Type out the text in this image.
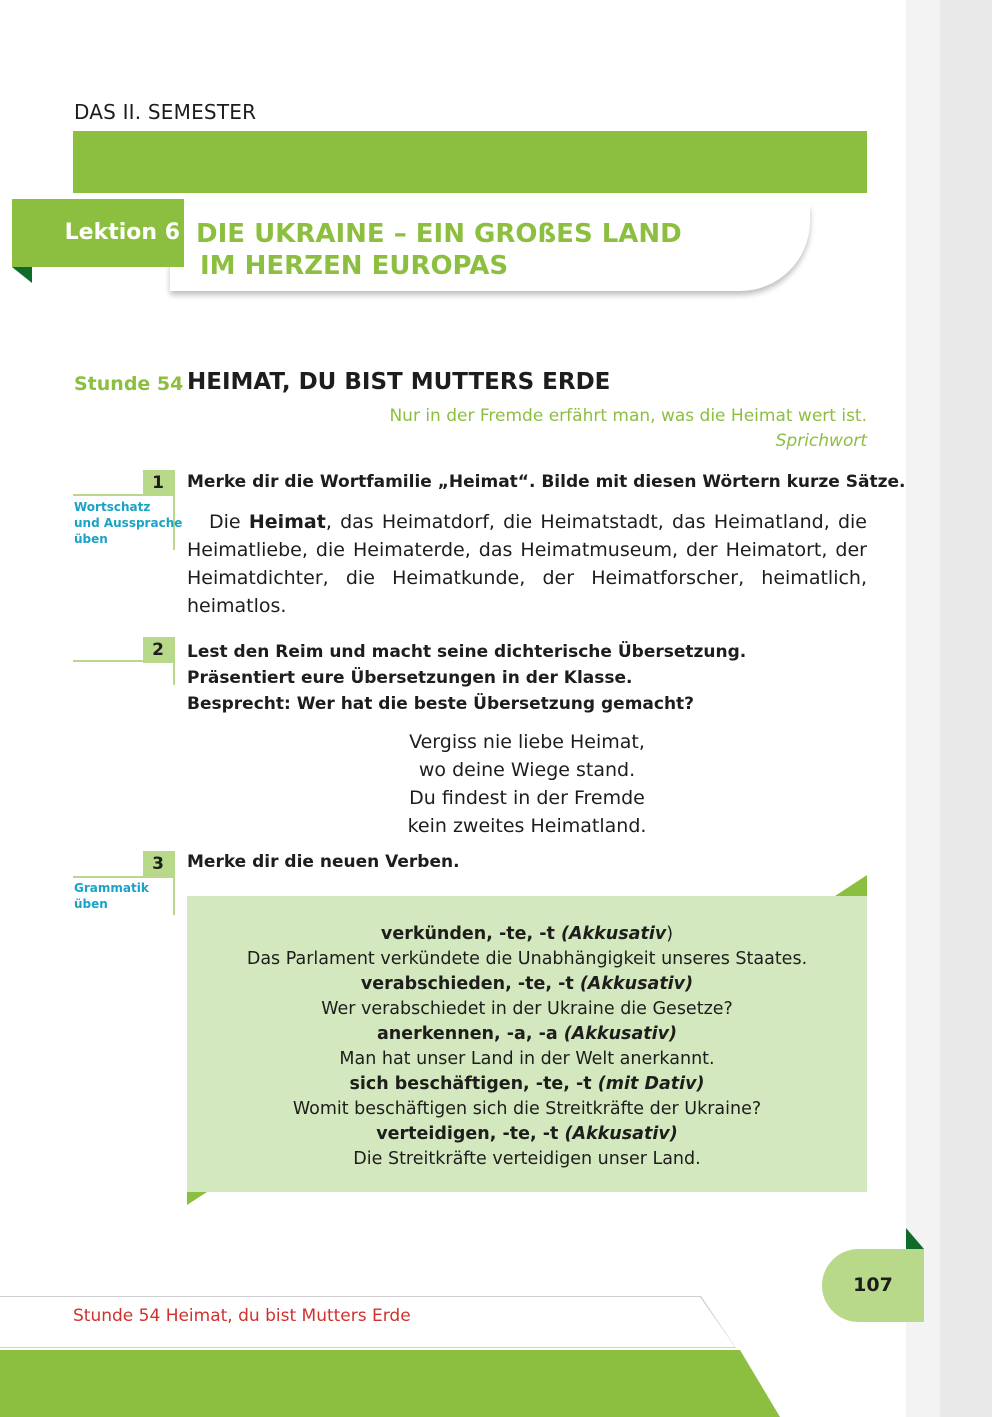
DAS II. SEMESTER
Lektion 6 DIE UKRAINE – EIN GROßES LAND
IM HERZEN EUROPAS
Stunde 54 HEIMAT, DU BIST MUTTERS ERDE
Nur in der Fremde erfährt man, was die Heimat wert ist.
Sprichwort
1
Wortschatz
und Aussprache
üben
Merke dir die Wortfamilie „Heimat“. Bilde mit diesen Wörtern kurze Sätze.
Die Heimat, das Heimatdorf, die Heimatstadt, das Heimatland, die Heimatliebe, die Heimaterde, das Heimatmuseum, der Heimatort, der Heimatdichter, die Heimatkunde, der Heimatforscher, heimatlich, heimatlos.
2	Lest den Reim und macht seine dichterische Übersetzung.
Präsentiert eure Übersetzungen in der Klasse.
Besprecht: Wer hat die beste Übersetzung gemacht?
Vergiss nie liebe Heimat,
wo deine Wiege stand.
Du findest in der Fremde
kein zweites Heimatland.
3
Grammatik
üben
Merke dir die neuen Verben.
verkünden, -te, -t (Akkusativ)
Das Parlament verkündete die Unabhängigkeit unseres Staates.
verabschieden, -te, -t (Akkusativ)
Wer verabschiedet in der Ukraine die Gesetze?
anerkennen, -a, -a (Akkusativ)
Man hat unser Land in der Welt anerkannt.
sich beschäftigen, -te, -t (mit Dativ)
Womit beschäftigen sich die Streitkräfte der Ukraine?
verteidigen, -te, -t (Akkusativ)
Die Streitkräfte verteidigen unser Land.
107
Stunde 54 Heimat, du bist Mutters Erde
